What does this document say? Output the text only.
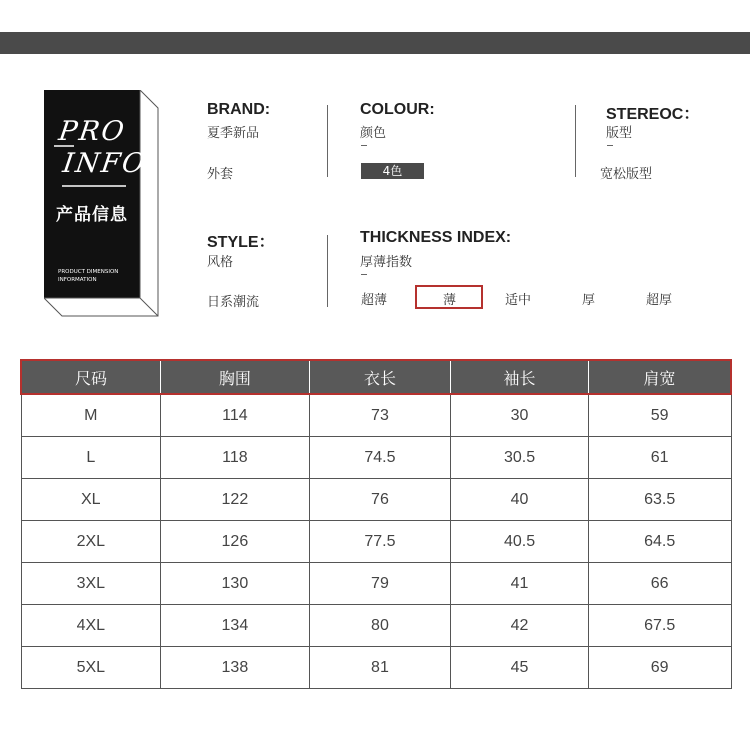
PRO
INFO
产品信息
PRODUCT DIMENSION INFORMATION
BRAND:
夏季新品
外套
COLOUR:
颜色
4色
STEREOC：
版型
宽松版型
STYLE：
风格
日系潮流
THICKNESS INDEX:
厚薄指数
超薄	薄	适中	厚	超厚
尺码	胸围	衣长	袖长	肩宽
M	114	73	30	59
L	118	74.5	30.5	61
XL	122	76	40	63.5
2XL	126	77.5	40.5	64.5
3XL	130	79	41	66
4XL	134	80	42	67.5
5XL	138	81	45	69
